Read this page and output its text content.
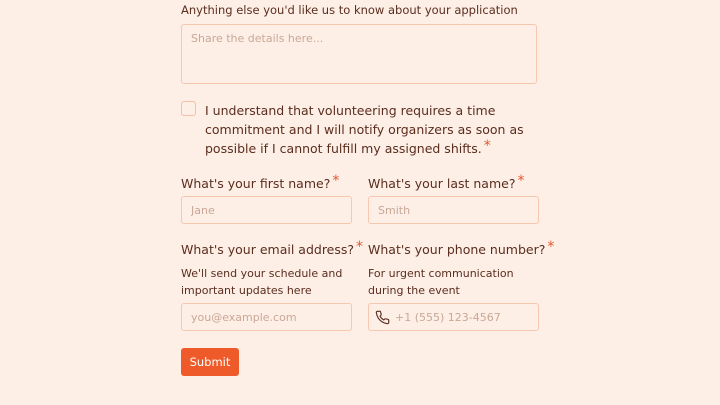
Anything else you'd like us to know about your application
Share the details here...
I understand that volunteering requires a time commitment and I will notify organizers as soon as possible if I cannot fulfill my assigned shifts. *
What's your first name? *
Jane What's your last name? *
Smith
What's your email address? *
We'll send your schedule and important updates here
you@example.com
What's your phone number? *
For urgent communication during the event
+1 (555) 123-4567
Submit
